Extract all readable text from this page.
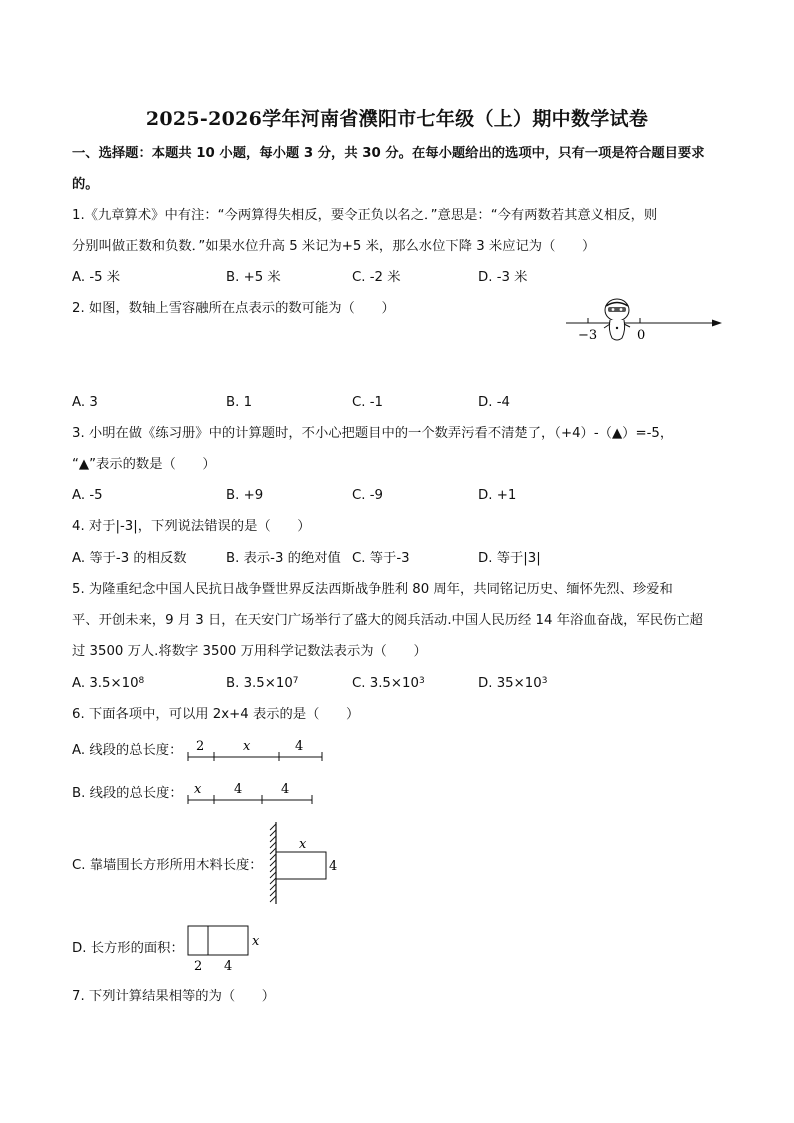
2025-2026学年河南省濮阳市七年级（上）期中数学试卷
一、选择题：本题共 10 小题，每小题 3 分，共 30 分。在每小题给出的选项中，只有一项是符合题目要求
的。
1.《九章算术》中有注：“今两算得失相反，要令正负以名之．”意思是：“今有两数若其意义相反，则
分别叫做正数和负数．”如果水位升高 5 米记为+5 米，那么水位下降 3 米应记为（　　）
A. -5 米	B. +5 米	C. -2 米	D. -3 米
2. 如图，数轴上雪容融所在点表示的数可能为（　　）
−3	0
A. 3	B. 1	C. -1	D. -4
3. 小明在做《练习册》中的计算题时，不小心把题目中的一个数弄污看不清楚了，（+4）-（▲）=-5，
“▲”表示的数是（　　）
A. -5	B. +9	C. -9	D. +1
4. 对于|-3|，下列说法错误的是（　　）
A. 等于-3 的相反数	B. 表示-3 的绝对值 C. 等于-3	D. 等于|3|
5. 为隆重纪念中国人民抗日战争暨世界反法西斯战争胜利 80 周年，共同铭记历史、缅怀先烈、珍爱和
平、开创未来，9 月 3 日，在天安门广场举行了盛大的阅兵活动.中国人民历经 14 年浴血奋战，军民伤亡超
过 3500 万人.将数字 3500 万用科学记数法表示为（　　）
A. $3.5\times 10^8$	B. $3.5\times 10^7$	C. $3.5\times 10^3$	D. $35\times 10^3$
6. 下面各项中，可以用 2x+4 表示的是（　　）
A. 线段的总长度： 2	x	4
B. 线段的总长度： x	4	4
C. 靠墙围长方形所用木料长度：
x
4
D. 长方形的面积：	x
2 4
7. 下列计算结果相等的为（　　）
